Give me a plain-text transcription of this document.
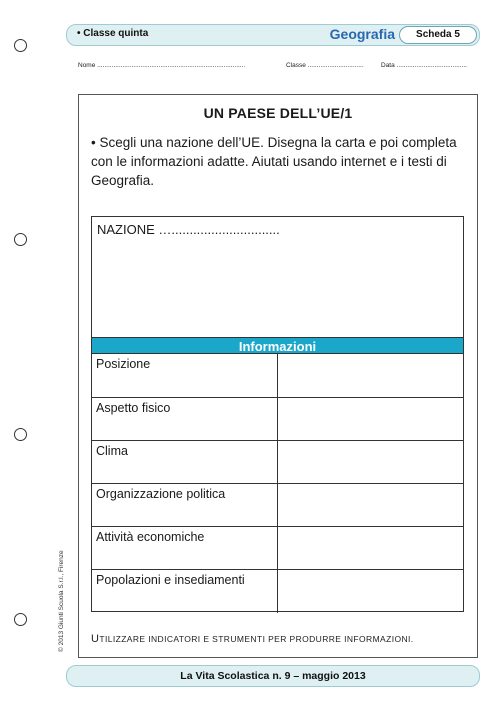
• Classe quinta	Geografia	Scheda 5
Nome ..................................................................................	Classe ...............................	Data .......................................
UN PAESE DELL’UE/1
• Scegli una nazione dell’UE. Disegna la carta e poi completa con le informazioni adatte. Aiutati usando internet e i testi di Geografia.
NAZIONE …..............................
Informazioni
Posizione
Aspetto fisico
Clima
Organizzazione politica
Attività economiche
Popolazioni e insediamenti
UTILIZZARE INDICATORI E STRUMENTI PER PRODURRE INFORMAZIONI.
© 2013 Giunti Scuola S.r.l., Firenze
La Vita Scolastica n. 9 – maggio 2013
